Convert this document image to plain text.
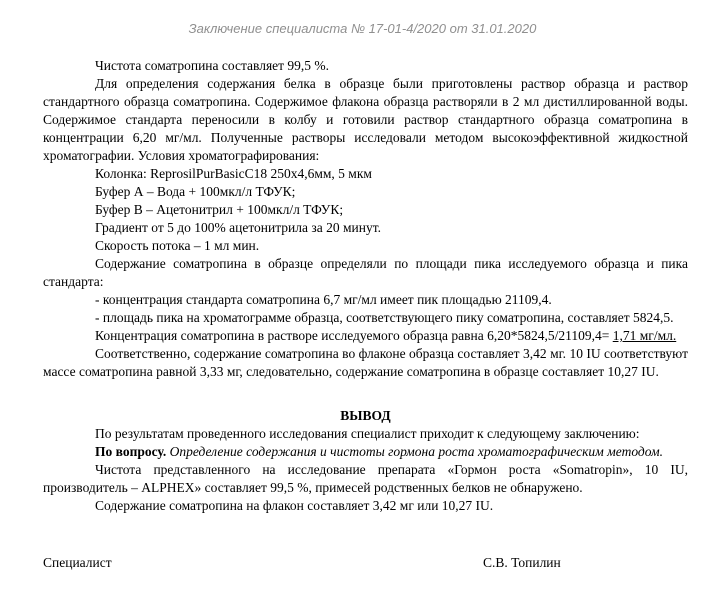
Заключение специалиста № 17-01-4/2020 от 31.01.2020

Чистота соматропина составляет 99,5 %.

Для определения содержания белка в образце были приготовлены раствор образца и раствор стандартного образца соматропина. Содержимое флакона образца растворяли в 2 мл дистиллированной воды. Содержимое стандарта переносили в колбу и готовили раствор стандартного образца соматропина в концентрации 6,20 мг/мл. Полученные растворы исследовали методом высокоэффективной жидкостной хроматографии. Условия хроматографирования:

Колонка: ReprosilPurBasicC18 250x4,6мм, 5 мкм

Буфер А – Вода + 100мкл/л ТФУК;

Буфер В – Ацетонитрил + 100мкл/л ТФУК;

Градиент от 5 до 100% ацетонитрила за 20 минут.

Скорость потока – 1 мл мин.

Содержание соматропина в образце определяли по площади пика исследуемого образца и пика стандарта:

- концентрация стандарта соматропина 6,7 мг/мл имеет пик площадью 21109,4.

- площадь пика на хроматограмме образца, соответствующего пику соматропина, составляет 5824,5.

Концентрация соматропина в растворе исследуемого образца равна 6,20*5824,5/21109,4= 1,71 мг/мл.

Соответственно, содержание соматропина во флаконе образца составляет 3,42 мг. 10 IU соответствуют массе соматропина равной 3,33 мг, следовательно, содержание соматропина в образце составляет 10,27 IU.

ВЫВОД

По результатам проведенного исследования специалист приходит к следующему заключению:

По вопросу. Определение содержания и чистоты гормона роста хроматографическим методом.

Чистота представленного на исследование препарата «Гормон роста «Somatropin», 10 IU, производитель – ALPHEX» составляет 99,5 %, примесей родственных белков не обнаружено.

Содержание соматропина на флакон составляет 3,42 мг или 10,27 IU.

Специалист	С.В. Топилин
